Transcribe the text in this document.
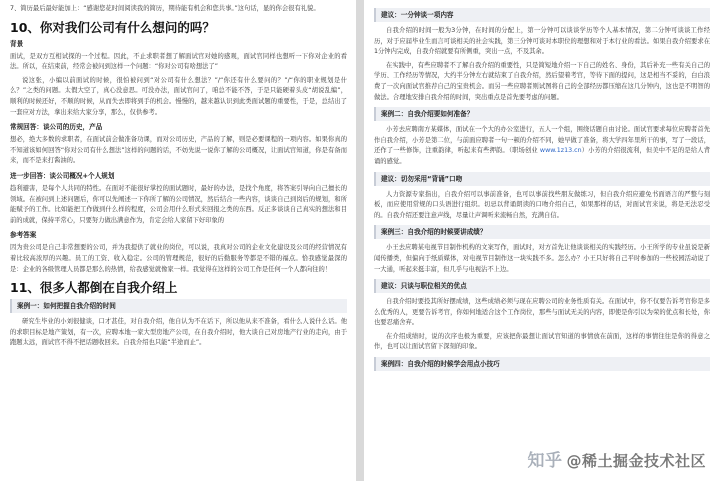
7、简历最后最好能加上：“感谢您花时间阅读我的简历，期待能有机会和您共事。”这句话，显的你会很有礼貌。

10、你对我们公司有什么想问的吗？
背景

面试，是双方互相试探的一个过程。因此，不止求职者想了解面试官对她的感观，面试官同样也想听一下你对企业的看法。所以，在结束前，经常会被问到这样一个问题：“你对公司有啥想法了”

说这张，小编以前面试的时候，很怕被问到“对公司有什么想法？”/“你还有什么要问的？”/“你的职业规划是什么？”之类的问题。太假大空了，真心没意思。可没办法，面试官问了，咱总不能不答，于是只能硬着头皮“胡说乱编”，顺利的时候还好，不顺的时候，从而失去即将到手的机会。慢慢的，越来越认识到此类面试题的重要性，于是，总结出了一套应对方法，拿出来给大家分享，那么，仅供参考。

常规回答：谈公司的历史，产品

想必，绝大多数的求职者，在面试前会做准备功课，而对公司历史，产品的了解，则是必要课程的一项内容。如果你真的不知道该如何回答“你对公司有什么想法”这样的问题的话，不妨先说一说你了解的公司概况，让面试官知道，你是有备而来，而不是来打酱油的。

进一步回答：谈公司概况+个人规划

趋利避害，是每个人共同的特性。在面对不能很好掌控的面试题时，最好的办法，是找个角度，将答案引导向自己擅长的领域。在被问到上述问题后，你可以先阐述一下你所了解的公司情况，然后结合一些内容，谈谈自己到岗后的规划，和所能赋予的工作。比如能把工作做到什么样的程度，公司会用什么形式来回报之类的东西。反正多谈谈自己真实的想法和目前的成就，保持平常心，只要努力做出满意作为，肯定会给人家留下好印象的

参考答案

因为贵公司是自己非常想要的公司，并为我提供了就业的岗位，可以说，我真对公司的企业文化建设及公司的经营情况有着比较高浓厚的兴趣。员工的工资、收入稳定。公司的管理规范，很好的后勤服务等都是不错的福点。恰我感觉最深的是：企业的各级管理人员都是那么的热情，给我感觉就像家一样。我觉得在这样的公司工作是任何一个人都向往的！

11、很多人都倒在自我介绍上
案例一：如何把握自我介绍的时间

研究生毕业的小刘很健谈，口才甚佳，对自我介绍，他自认为不在话下，所以他从来不准备，看什么人说什么话。他的求职目标是地产策划，有一次，应聘本地一家大型房地产公司，在自我介绍时，他大谈自己对房地产行业的走向，由于跑题太远，面试官不得不把话题收回来。自我介绍也只能“半途而止”。

建议：一分钟谈一项内容

自我介绍的时间一般为3分钟，在时间的分配上，第一分钟可以谈谈学历等个人基本情况，第二分钟可谈谈工作经历，对于应届毕业生而言可谈相关的社会实践，第三分钟可谈对本职位的理想和对于本行业的看法。如果自我介绍要求在1分钟内完成，自我介绍就要有所侧重，突出一点，不及其余。

在实践中，有些应聘者不了解自我介绍的重要性，只是简短地介绍一下自己的姓名、身份，其后补充一些有关自己的学历、工作经历等情况，大约半分钟左右就结束了自我介绍，然后望着考官，等待下面的提问，这是相当不妥的，白白浪费了一次向面试官推荐自己的宝贵机会。而另一些应聘者则试图将自己的全部经历都压缩在这几分钟内，这也是不明智的做法。合理地安排自我介绍的时间，突出重点是首先要考虑的问题。

案例二：自我介绍要如何准备？

小芳去应聘南方某媒体，面试在一个大的办公室进行，五人一个组，围绕话题自由讨论。面试官要求每位应聘者首先作自我介绍，小芳是第二位，与前面应聘者一句一顿的介绍不同，她早做了准备，将大学四年里所干的事，写了一段话，还作了一些修饰，注重韵律，听起来有些押韵。（职场创业 www.1z13.cn）小芳的介绍很流利，但美中不足的是给人背诵的感觉。

建议：切勿采用“背诵”口吻

人力资源专家指出，自我介绍可以事前准备，也可以事前找些朋友做练习，但自我介绍应避免书面语言的严整与刻板，而应使用常规的口头语进行组织。切忌以背诵朗读的口吻介绍自己，如果那样的话，对面试官来说，将是无法忍受的。自我介绍还要注意声线，尽量让声调听来流畅自然，充满自信。

案例三：自我介绍的时候要讲成绩？

小王去应聘某电视节目制作机构的文案写作，面试时，对方首先让他谈谈相关的实践经历。小王所学的专业虽说是新闻传播类，但偏向于纸质媒体，对电视节目制作这一块实践不多。怎么办？小王只好将自己平时参加的一些校园活动说了一大通，听起来挺丰富，但几乎与电视沾不上边。

建议：只谈与职位相关的优点

自我介绍时要投其所好摆成绩，这些成绩必须与现在应聘公司的业务性质有关。在面试中，你不仅要告诉考官你是多么优秀的人，更要告诉考官，你如何地适合这个工作岗位，那些与面试无关的内容，即使是你引以为荣的优点和长处，你也要忍痛舍弃。

在介绍成绩时，说的次序也极为重要，应该把你最想让面试官知道的事情放在前面，这样的事情往往是你的得意之作，也可以让面试官留下深刻的印象。

案例四：自我介绍的时候学会用点小技巧
知乎 @稀土掘金技术社区
